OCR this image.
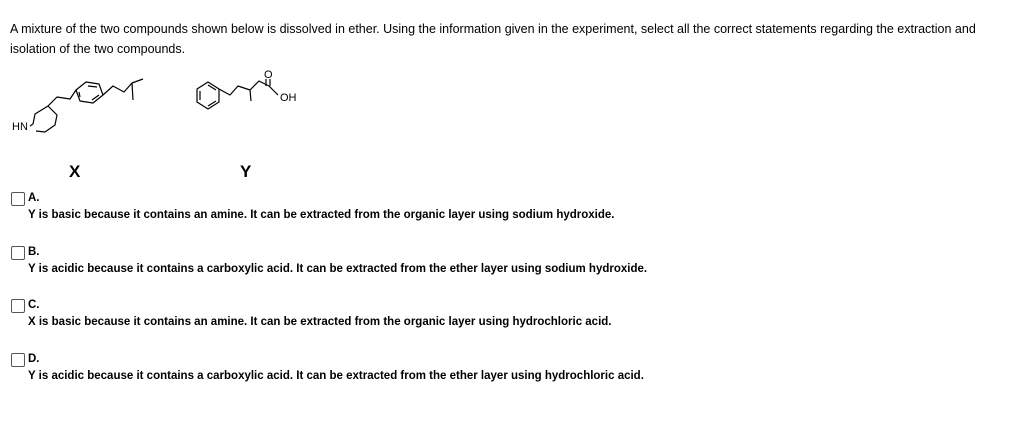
A mixture of the two compounds shown below is dissolved in ether. Using the information given in the experiment, select all the correct statements regarding the extraction and isolation of the two compounds.
HN
O
OH
X	Y
A.
Y is basic because it contains an amine. It can be extracted from the organic layer using sodium hydroxide.
B.
Y is acidic because it contains a carboxylic acid. It can be extracted from the ether layer using sodium hydroxide.
C.
X is basic because it contains an amine. It can be extracted from the organic layer using hydrochloric acid.
D.
Y is acidic because it contains a carboxylic acid. It can be extracted from the ether layer using hydrochloric acid.
